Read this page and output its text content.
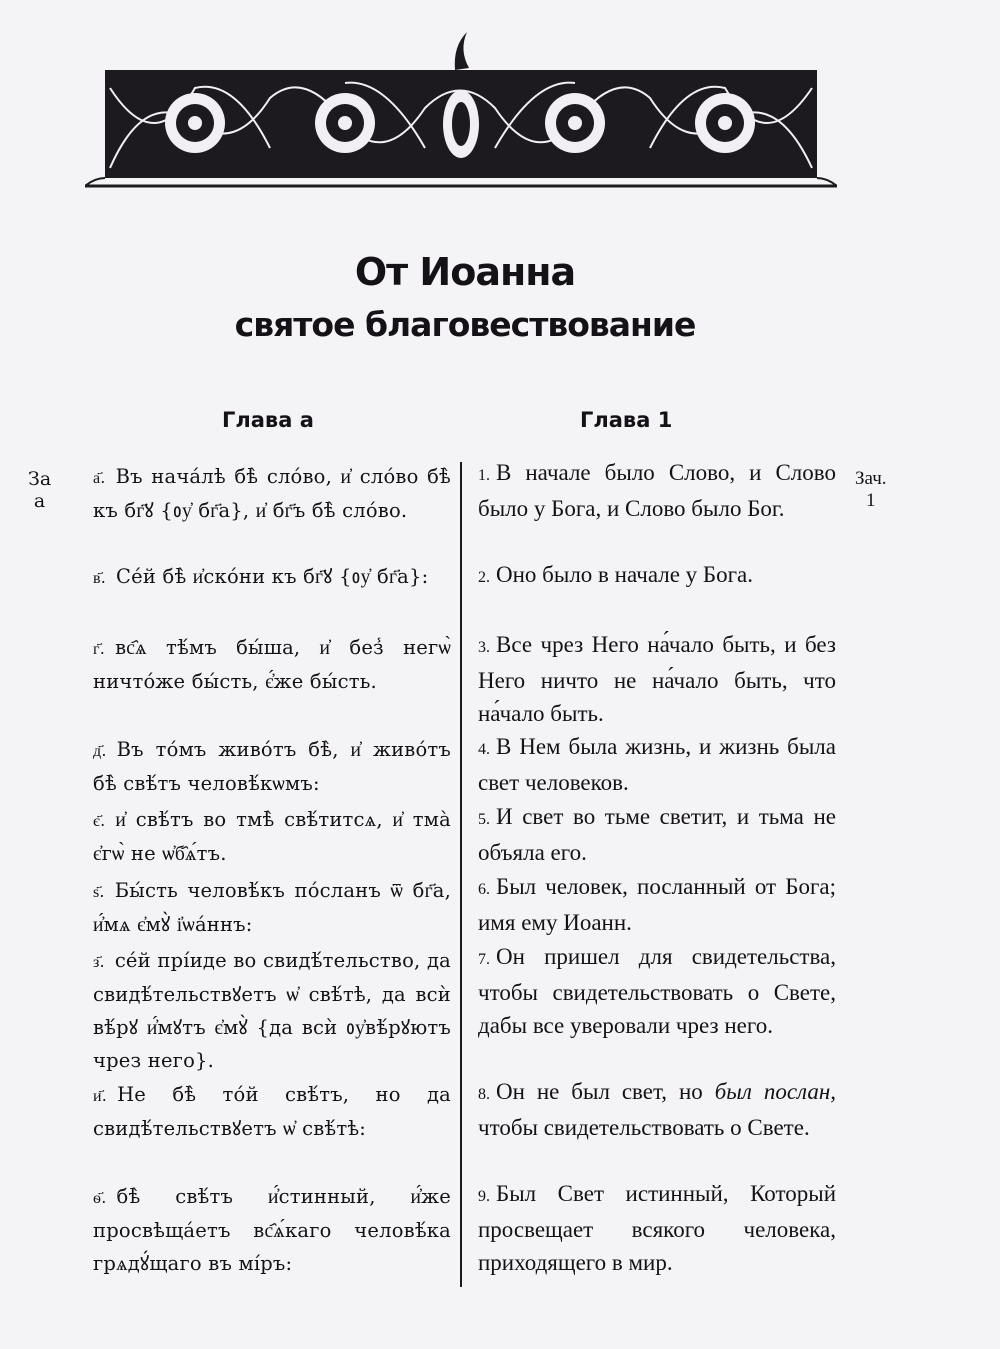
От Иоанна
святое благовествование
Глава а	Глава 1
За
а
Зач.
1
а҃. Въ нача́лѣ бѣ̀ сло́во, и҆ сло́во бѣ̀ къ бг҃ꙋ {ᲂу҆ бг҃а}, и҆ бг҃ъ бѣ̀ сло́во.
в҃. Се́й бѣ̀ и҆ско́ни къ бг҃ꙋ {ᲂу҆ бг҃а}:
г҃. вс҄ѧ тѣ́мъ бы́ша, и҆ без̾ негѡ̀ ничто́же бы́сть, є҆́же бы́сть.
д҃. Въ то́мъ живо́тъ бѣ̀, и҆ живо́тъ бѣ̀ свѣ́тъ человѣ́кѡмъ:
є҃. и҆ свѣ́тъ во тмѣ̀ свѣ́титсѧ, и҆ тма̀ є҆гѡ̀ не ѡ҆б҄ѧ́тъ.
ѕ҃. Бы́сть человѣ́къ по́сланъ ѿ бг҃а, и҆́мѧ є҆мꙋ̀ і҆ѡа́ннъ:
з҃. се́й прі́иде во свидѣ́тельство, да свидѣ́тельствꙋетъ ѡ҆ свѣ́тѣ, да всѝ вѣ́рꙋ и҆́мꙋтъ є҆мꙋ̀ {да всѝ ᲂу҆вѣ́рꙋютъ чрез него}.
и҃. Не бѣ̀ то́й свѣ́тъ, но да свидѣ́тельствꙋетъ ѡ҆ свѣ́тѣ:
ѳ҃. бѣ̀ свѣ́тъ и҆́стинный, и҆́же просвѣща́етъ вс҄ѧ́каго человѣ́ка грѧдꙋ́щаго въ мі́ръ:
1. В начале было Слово, и Слово было у Бога, и Слово было Бог.
2. Оно было в начале у Бога.
3. Все чрез Него на́чало быть, и без Него ничто не на́чало быть, что на́чало быть.
4. В Нем была жизнь, и жизнь была свет человеков.
5. И свет во тьме светит, и тьма не объяла его.
6. Был человек, посланный от Бога; имя ему Иоанн.
7. Он пришел для свидетельства, чтобы свидетельствовать о Свете, дабы все уверовали чрез него.
8. Он не был свет, но был послан, чтобы свидетельствовать о Свете.
9. Был Свет истинный, Который просвещает всякого человека, приходящего в мир.
